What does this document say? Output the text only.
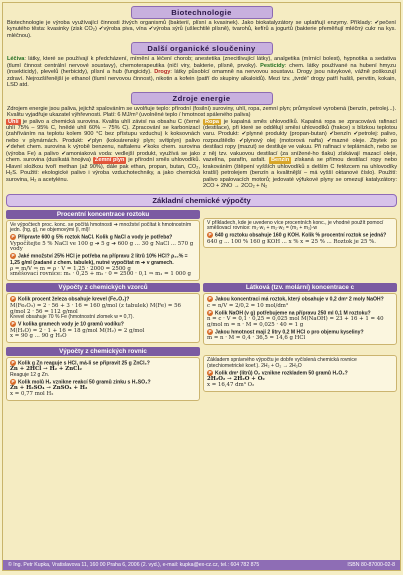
Biotechnologie
Biotechnologie je výroba využívající činnosti živých organismů (bakterií, plísní a kvasinek). Jako biokatalyzátory se uplatňují enzymy. Příklady: ✔pečení kynutého těsta: kvasinky (zisk CO₂) ✔výroba piva, vína ✔výroba sýrů (ušlechtilé plísně), tvarohů, kefírů a jogurtů (bakterie přeměňují mléčný cukr na kys. mléčnou).
Další organické sloučeniny
Léčiva: látky, které se používají k předcházení, mírnění a léčení chorob; anestetika (znecitlivující látky), analgetika (mírnící bolest), hypnotika a sedativa (tlumí činnost centrální nervové soustavy), chemoterapeutika (ničí viry, bakterie, plísně, prvoky). Pesticidy: chem. látky používané na hubení hmyzu (insekticidy), plevelů (herbicidy), plísní a hub (fungicidy). Drogy: látky působící omamně na nervovou soustavu. Drogy jsou návykové, vážně poškozují zdraví. Nejrozšířenější je ethanol (tlumí nervovou činnost), nikotin a kofein (patří do skupiny alkaloidů). Mezi tzv. „tvrdé” drogy patří hašiš, pervitin, kokain, LSD atd.
Zdroje energie
Zdrojem energie jsou paliva, jejichž spalováním se uvolňuje teplo: přírodní (fosilní) suroviny, uhlí, ropa, zemní plyn; průmyslové vyrobená (benzín, petrolej...). Kvalitu vyjadřuje ukazatel výhřevnosti. Platí: 6 MJ/m³ (uvolněné teplo / hmotnost spáleného paliva)
Uhlí je palivo a chemická surovina. Kvalita uhlí závisí na obsahu C (černé uhlí 75% – 95% C, hnědé uhlí 60% – 75% C). Zpracování se karbonizací (zahříváním na teplotu kolem 900 °C bez přístupu vzduchu) k koksovnách nebo v plynárnách. Produkt: ✔plyn (koksárenský plyn; svítiplyn) palivo ✔dehet chem. surovina k výrobě benzenu, naftalenu ✔koks chem. surovina (výroba Fe) a palivo ✔amoniaková voda: vedlejší produkt, využívá se jako chem. surovina (dusíkatá hnojiva) Zemní plyn je přírodní směs uhlovodíků. Hlavní složkou tvoří methan (až 90%), dále pak ethan, propan, butan, CO₂, H₂S. Použití: ekologické palivo i výroba vzduchotechniky, a jako chemická surovina, H₂ a acetylénu.
Ropa je kapalná směs uhlovodíků. Kapalná ropa se zpracovává rafinací (destilace), při které se oddělují směsi uhlovodíků (frakce) s blízkou teplotou varu. Produkt: ✔plynné produkty (propan-butan) ✔benzín ✔petrolej: palivo, rozpouštědlo ✔plynový olej (motorová nafta) ✔mazné oleje. Zbytek po destilaci ropy (mazut) se destiluje ve vakuu. Při rafinaci v teplárnách, nebo se z něj tzv. vakuovou destilací (za snížené-ho tlaku) získávají mazací oleje, vazelína, parafín, asfalt. Benzín získaná se přímou destilací ropy nebo krakováním (štěpení vyšších uhlovodíků s delším C řetězcem na uhlovodíky kratší) petrolejem (benzín a kvalitnější – má vyšší oktanové číslo). Použití: palivo spalovacích motorů; jedovaté výfukové plyny se omezují katalyzátory: 2CO + 2NO → 2CO₂ + N₂
Základní chemické výpočty
Procentní koncentrace roztoku
Ve výpočtech proc. konc. se počítá hmotnosti ➔ množství počítat k hmotnostním jedn. (hg, g), ne objemovými (l, ml)!
P Připravte 600 g 5% roztok NaCl. Kolik g NaCl a vody je potřeba?
Vypočítejte 5 % NaCl ve 100 g ➔ 5 g ➔ 600 g ... 30 g NaCl ... 570 g vody
P Jaké množství 25% HCl je potřeba na přípravu 2 litrů 10% HCl? ρ₁₀% = 1,25 g/ml (zadané z chem. tabulek), nutné vypočítat m ➔ v gramech.
ρ = m/V ⇒ m = ρ · V = 1,25 · 2000 = 2500 g
směšovací rovnice: m₁ · 0,25 + m₂ · 0 = 2500 · 0,1 ⇒ m₁ = 1 000 g
V příkladech, kde je uvedeno více procentních konc., je vhodné použít pomocí směšovací rovnice: m₁·w₁ + m₂·w₂ = (m₁ + m₂)·w
P 640 g roztoku obsahuje 160 g KOH. Kolik % procentní roztok se jedná?
640 g ... 100 % 160 g KOH ... x % x = 25 % ... Roztok je 25 %.
Výpočty z chemických vzorců
P Kolik procent železa obsahuje krevel (Fe₂O₃)?
M(Fe₂O₃) = 2 · 56 + 3 · 16 = 160 g/mol (z tabulek) M(Fe) = 56 g/mol 2 · 56 = 112 g/mol
Krevel obsahuje 70 % Fe (hmotnostní zlomek w = 0,7).
P V kolika gramech vody je 10 gramů vodíku?
M(H₂O) = 2 · 1 + 16 = 18 g/mol M(H₂) = 2 g/mol
x = 90 g ... 90 g H₂O
Látková (tzv. molární) koncentrace c
P Jakou koncentraci má roztok, který obsahuje v 0,2 dm³ 2 moly NaOH?
c = n/V = 2/0,2 = 10 mol/dm³
P Kolik NaOH (v g) potřebujeme na přípravu 250 ml 0,1 M roztoku?
n = c · V = 0,1 · 0,25 = 0,025 mol M(NaOH) = 23 + 16 + 1 = 40 g/mol m = n · M = 0,025 · 40 = 1 g
P Jakou hmotnost mají 2 litry 0,2 M HCl o pro objemu kyseliny?
m = n · M = 0,4 · 36,5 = 14,6 g HCl
Výpočty z chemických rovnic
P Kolik g Zn reaguje s HCl, má-li se připravit 25 g ZnCl₂?
Zn + 2HCl → H₂ + ZnCl₂
Reaguje 12 g Zn.
P Kolik molů H₂ vznikne reakcí 50 gramů zinku s H₂SO₄?
Zn + H₂SO₄ → ZnSO₄ + H₂
x = 0,77 mol H₂
Základem správného výpočtu je dobře vyčíslená chemická rovnice (stechiometrické koef.). 2H₂ + O₂ → 2H₂O
P Kolik dm³ (litrů) O₂ vznikne rozkladem 50 gramů H₂O₂?
2H₂O₂ → 2H₂O + O₂
x = 16,47 dm³ O₂
© Ing. Petr Kupka, Vratislavova 11, 160 00 Praha 6, 2006 (2. vyd.), e-mail: kupka@ex-cz.cz, tel.: 604 782 875	ISBN 80-87000-02-8
